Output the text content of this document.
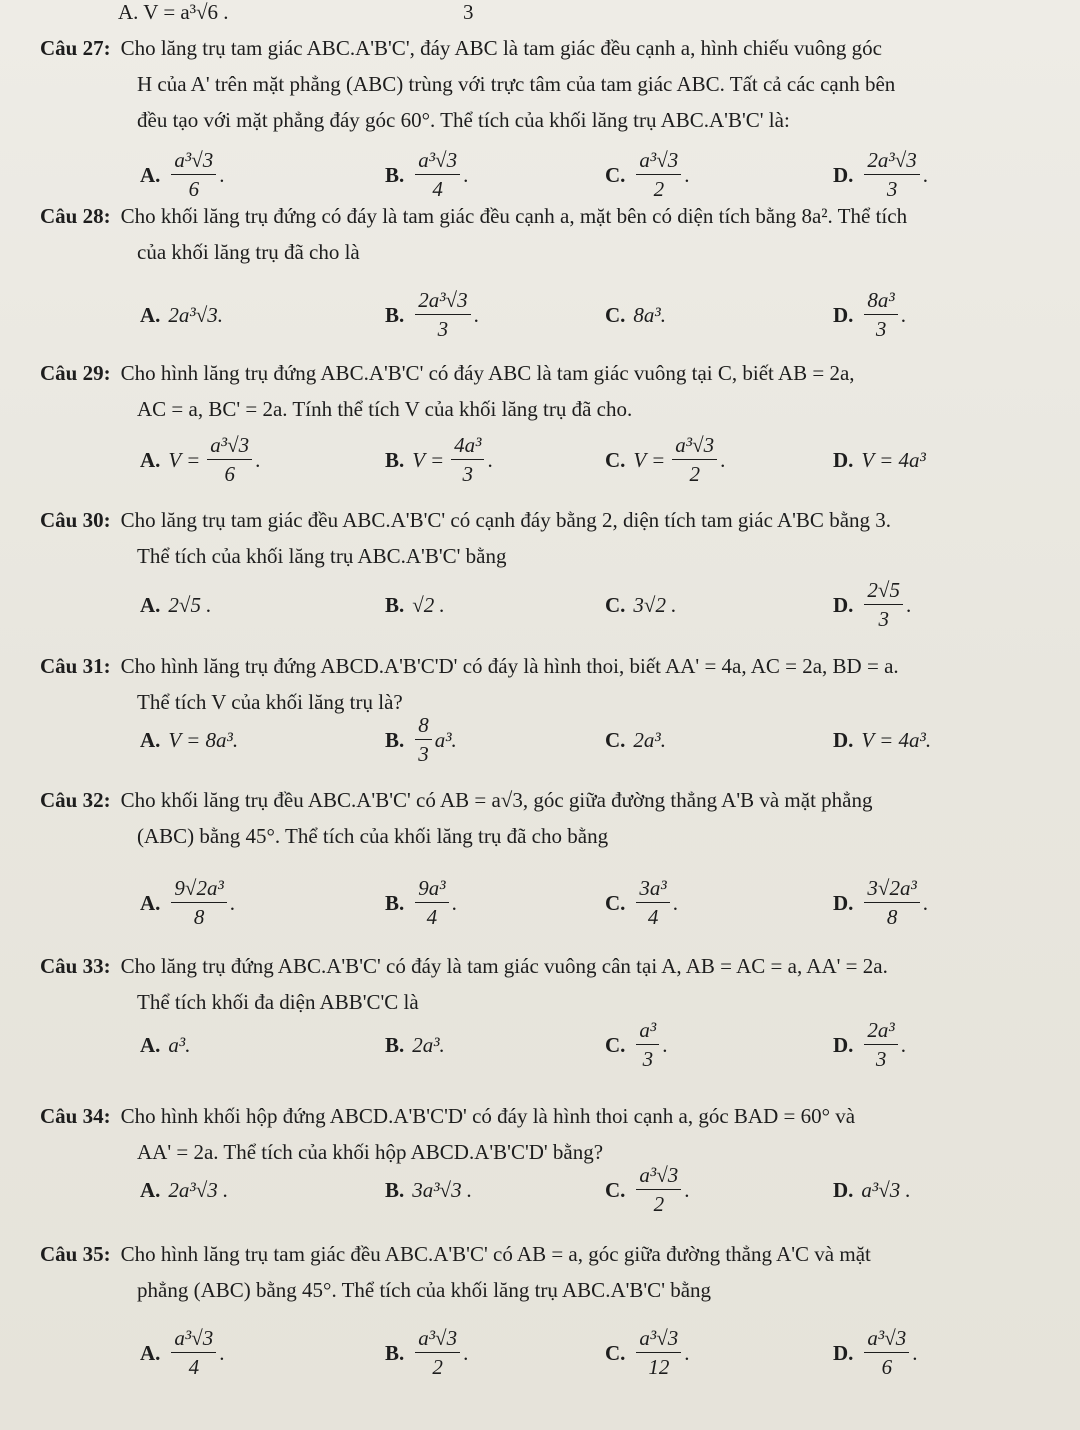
A. V = a³√6 .	3
Câu 27: Cho lăng trụ tam giác ABC.A'B'C', đáy ABC là tam giác đều cạnh a, hình chiếu vuông góc
H của A' trên mặt phẳng (ABC) trùng với trực tâm của tam giác ABC. Tất cả các cạnh bên
đều tạo với mặt phẳng đáy góc 60°. Thể tích của khối lăng trụ ABC.A'B'C' là:
A. $\frac{\text{a³√3}}{6}$ .	B. $\frac{\text{a³√3}}{4}$ .	C. $\frac{\text{a³√3}}{2}$ .	D. $\frac{\text{2a³√3}}{3}$ .
Câu 28: Cho khối lăng trụ đứng có đáy là tam giác đều cạnh a, mặt bên có diện tích bằng 8a². Thể tích
của khối lăng trụ đã cho là
A. 2a³√3.	B. $\frac{\text{2a³√3}}{3}$ .	C. 8a³.	D. $\frac{\text{8a³}}{3}$ .
Câu 29: Cho hình lăng trụ đứng ABC.A'B'C' có đáy ABC là tam giác vuông tại C, biết AB = 2a,
AC = a, BC' = 2a. Tính thể tích V của khối lăng trụ đã cho.
A. $V = \frac{\text{a³√3}}{6}$ .	B. $V = \frac{\text{4a³}}{3}$ .	C. $V = \frac{\text{a³√3}}{2}$ .	D. V = 4a³
Câu 30: Cho lăng trụ tam giác đều ABC.A'B'C' có cạnh đáy bằng 2, diện tích tam giác A'BC bằng 3.
Thể tích của khối lăng trụ ABC.A'B'C' bằng
A. 2√5 .	B. √2 .	C. 3√2 .	D. $\frac{2√5}{3}$ .
Câu 31: Cho hình lăng trụ đứng ABCD.A'B'C'D' có đáy là hình thoi, biết AA' = 4a, AC = 2a, BD = a.
Thể tích V của khối lăng trụ là?
A. V = 8a³.	B. $\frac{8}{3} a^3$.	C. 2a³.	D. V = 4a³.
Câu 32: Cho khối lăng trụ đều ABC.A'B'C' có AB = a√3, góc giữa đường thẳng A'B và mặt phẳng
(ABC) bằng 45°. Thể tích của khối lăng trụ đã cho bằng
A. $\frac{\text{9√2a³}}{8}$ .	B. $\frac{\text{9a³}}{4}$ .	C. $\frac{\text{3a³}}{4}$ .	D. $\frac{\text{3√2a³}}{8}$ .
Câu 33: Cho lăng trụ đứng ABC.A'B'C' có đáy là tam giác vuông cân tại A, AB = AC = a, AA' = 2a.
Thể tích khối đa diện ABB'C'C là
A. a³.	B. 2a³.	C. $\frac{\text{a³}}{3}$ .	D. $\frac{\text{2a³}}{3}$ .
Câu 34: Cho hình khối hộp đứng ABCD.A'B'C'D' có đáy là hình thoi cạnh a, góc BAD = 60° và
AA' = 2a. Thể tích của khối hộp ABCD.A'B'C'D' bằng?
A. 2a³√3 .	B. 3a³√3 .	C. $\frac{\text{a³√3}}{2}$ .	D. a³√3 .
Câu 35: Cho hình lăng trụ tam giác đều ABC.A'B'C' có AB = a, góc giữa đường thẳng A'C và mặt
phẳng (ABC) bằng 45°. Thể tích của khối lăng trụ ABC.A'B'C' bằng
A. $\frac{\text{a³√3}}{4}$ .	B. $\frac{\text{a³√3}}{2}$ .	C. $\frac{\text{a³√3}}{12}$ .	D. $\frac{\text{a³√3}}{6}$ .
